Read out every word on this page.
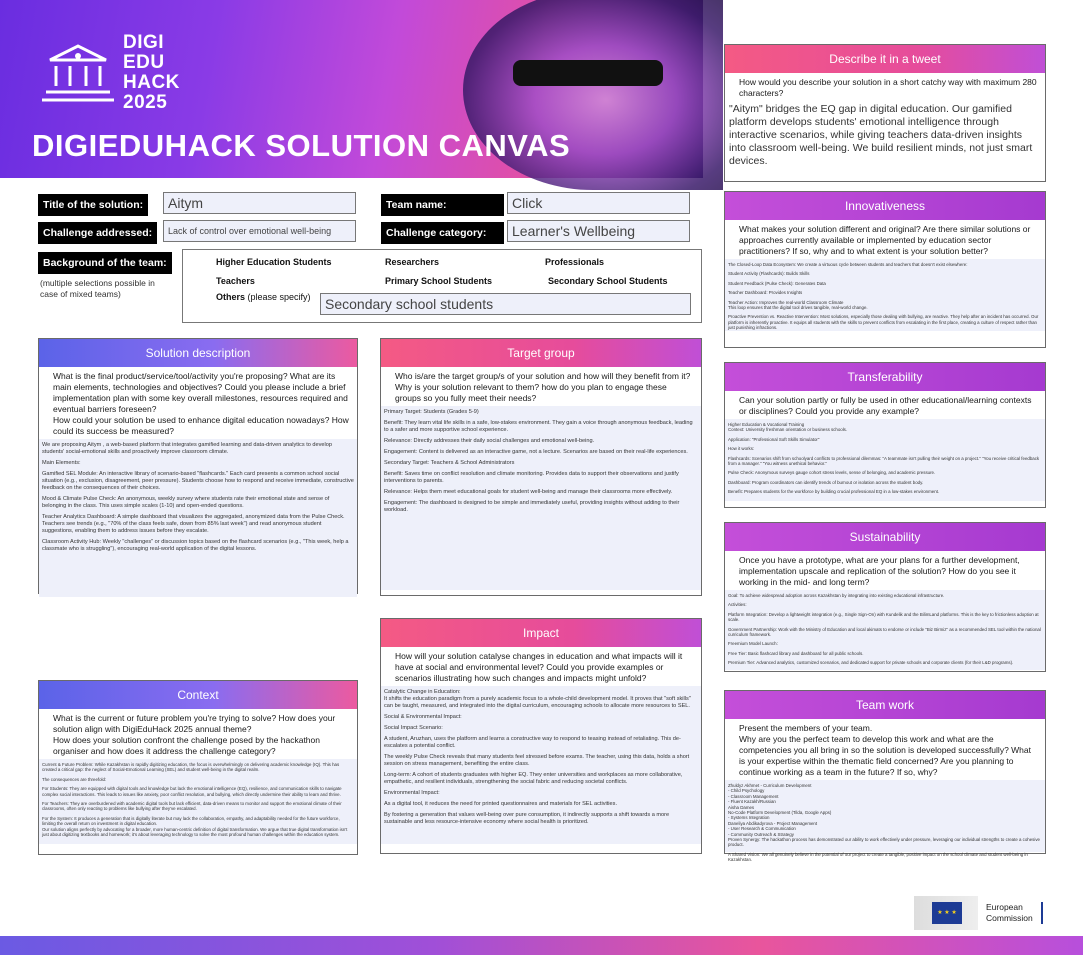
DIGI
EDU
HACK
2025
DIGIEDUHACK SOLUTION CANVAS
Title of the solution:	Aitym	Team name:	Click
Challenge addressed:	Lack of control over emotional well-being	Challenge category:	Learner's Wellbeing
Background of the team:
(multiple selections possible in case of mixed teams)
Higher Education Students	Researchers	Professionals
Teachers	Primary School Students	Secondary School Students
Others (please specify)	Secondary school students
Solution description
What is the final product/service/tool/activity you're proposing? What are its main elements, technologies and objectives? Could you please include a brief implementation plan with some key overall milestones, resources required and eventual barriers foreseen?
How could your solution be used to enhance digital education nowadays? How could its success be measured?

We are proposing Aitym , a web-based platform that integrates gamified learning and data-driven analytics to develop students' social-emotional skills and proactively improve classroom climate.

Main Elements:

Gamified SEL Module: An interactive library of scenario-based "flashcards." Each card presents a common school social situation (e.g., exclusion, disagreement, peer pressure). Students choose how to respond and receive immediate, constructive feedback on the consequences of their choices.

Mood & Climate Pulse Check: An anonymous, weekly survey where students rate their emotional state and sense of belonging in the class. This uses simple scales (1-10) and open-ended questions.

Teacher Analytics Dashboard: A simple dashboard that visualizes the aggregated, anonymized data from the Pulse Check. Teachers see trends (e.g., "70% of the class feels safe, down from 85% last week") and read anonymous student suggestions, enabling them to address issues before they escalate.

Classroom Activity Hub: Weekly "challenges" or discussion topics based on the flashcard scenarios (e.g., "This week, help a classmate who is struggling"), encouraging real-world application of the digital lessons.

Context
What is the current or future problem you're trying to solve? How does your solution align with DigiEduHack 2025 annual theme?
How does your solution confront the challenge posed by the hackathon organiser and how does it address the challenge category?

Current & Future Problem: While Kazakhstan is rapidly digitizing education, the focus is overwhelmingly on delivering academic knowledge (IQ). This has created a critical gap: the neglect of Social-Emotional Learning (SEL) and student well-being in the digital realm.

The consequences are threefold:

For Students: They are equipped with digital tools and knowledge but lack the emotional intelligence (EQ), resilience, and communication skills to navigate complex social interactions. This leads to issues like anxiety, poor conflict resolution, and bullying, which directly undermine their ability to learn and thrive.

For Teachers: They are overburdened with academic digital tools but lack efficient, data-driven means to monitor and support the emotional climate of their classrooms, often only reacting to problems like bullying after they've escalated.

For the System: It produces a generation that is digitally literate but may lack the collaboration, empathy, and adaptability needed for the future workforce, limiting the overall return on investment in digital education.
Our solution aligns perfectly by advocating for a broader, more human-centric definition of digital transformation. We argue that true digital transformation isn't just about digitizing textbooks and homework; it's about leveraging technology to solve the most profound human challenges within the education system.

Target group
Who is/are the target group/s of your solution and how will they benefit from it? Why is your solution relevant to them? how do you plan to engage these groups so you fully meet their needs?

Primary Target: Students (Grades 5-9)

Benefit: They learn vital life skills in a safe, low-stakes environment. They gain a voice through anonymous feedback, leading to a safer and more supportive school experience.

Relevance: Directly addresses their daily social challenges and emotional well-being.

Engagement: Content is delivered as an interactive game, not a lecture. Scenarios are based on their real-life experiences.

Secondary Target: Teachers & School Administrators

Benefit: Saves time on conflict resolution and climate monitoring. Provides data to support their observations and justify interventions to parents.

Relevance: Helps them meet educational goals for student well-being and manage their classrooms more effectively.

Engagement: The dashboard is designed to be simple and immediately useful, providing insights without adding to their workload.

Impact
How will your solution catalyse changes in education and what impacts will it have at social and environmental level? Could you provide examples or scenarios illustrating how such changes and impacts might unfold?

Catalytic Change in Education:
It shifts the education paradigm from a purely academic focus to a whole-child development model. It proves that "soft skills" can be taught, measured, and integrated into the digital curriculum, encouraging schools to allocate more resources to SEL.

Social & Environmental Impact:

Social Impact Scenario:

A student, Aruzhan, uses the platform and learns a constructive way to respond to teasing instead of retaliating. This de-escalates a potential conflict.

The weekly Pulse Check reveals that many students feel stressed before exams. The teacher, using this data, holds a short session on stress management, benefiting the entire class.

Long-term: A cohort of students graduates with higher EQ. They enter universities and workplaces as more collaborative, empathetic, and resilient individuals, strengthening the social fabric and reducing societal conflicts.

Environmental Impact:

As a digital tool, it reduces the need for printed questionnaires and materials for SEL activities.

By fostering a generation that values well-being over pure consumption, it indirectly supports a shift towards a more sustainable and less resource-intensive economy where social health is prioritized.

Describe it in a tweet
How would you describe your solution in a short catchy way with maximum 280 characters?
"Aitym" bridges the EQ gap in digital education. Our gamified platform develops students' emotional intelligence through interactive scenarios, while giving teachers data-driven insights into classroom well-being. We build resilient minds, not just smart devices.
Innovativeness
What makes your solution different and original? Are there similar solutions or approaches currently available or implemented by education sector practitioners? If so, why and to what extent is your solution better?

The Closed-Loop Data Ecosystem: We create a virtuous cycle between students and teachers that doesn't exist elsewhere:

Student Activity (Flashcards): Builds Skills

Student Feedback (Pulse Check): Generates Data

Teacher Dashboard: Provides Insights

Teacher Action: Improves the real-world Classroom Climate
This loop ensures that the digital tool drives tangible, real-world change.

Proactive Prevention vs. Reactive Intervention: Most solutions, especially those dealing with bullying, are reactive. They help after an incident has occurred. Our platform is inherently proactive. It equips all students with the skills to prevent conflicts from escalating in the first place, creating a culture of respect rather than just punishing infractions.

Transferability
Can your solution partly or fully be used in other educational/learning contexts or disciplines? Could you provide any example?

Higher Education & Vocational Training
Context: University freshman orientation or business schools.

Application: "Professional Soft Skills Simulator"

How it works:

Flashcards: Scenarios shift from schoolyard conflicts to professional dilemmas: "A teammate isn't pulling their weight on a project." "You receive critical feedback from a manager." "You witness unethical behavior."

Pulse Check: Anonymous surveys gauge cohort stress levels, sense of belonging, and academic pressure.

Dashboard: Program coordinators can identify trends of burnout or isolation across the student body.

Benefit: Prepares students for the workforce by building crucial professional EQ in a low-stakes environment.

Sustainability
Once you have a prototype, what are your plans for a further development, implementation upscale and replication of the solution? How do you see it working in the mid- and long term?

Goal: To achieve widespread adoption across Kazakhstan by integrating into existing educational infrastructure.

Activities:

Platform Integration: Develop a lightweight integration (e.g., Single Sign-On) with Kundelik and the BilimLand platforms. This is the key to frictionless adoption at scale.

Government Partnership: Work with the Ministry of Education and local akimats to endorse or include "Biz Birmiz" as a recommended SEL tool within the national curriculum framework.

Freemium Model Launch:

Free Tier: Basic flashcard library and dashboard for all public schools.

Premium Tier: Advanced analytics, customized scenarios, and dedicated support for private schools and corporate clients (for their L&D programs).

Team work
Present the members of your team.
Why are you the perfect team to develop this work and what are the competencies you all bring in so the solution is developed successfully? What is your expertise within the thematic field concerned? Are you planning to continue working as a team in the future? If so, why?

Zhuldyz Akhmet - Curriculum Development
- Child Psychology
- Classroom Management
- Fluent Kazakh/Russian
Aisha Dames
No-Code Platform Development (Tilda, Google Apps)
- Systems Integration
Daneliya Abdikadyrova - Project Management
- User Research & Communication
- Community Outreach & Strategy
Proven Synergy: The hackathon process has demonstrated our ability to work effectively under pressure, leveraging our individual strengths to create a cohesive product.

A Shared Vision: We all genuinely believe in the potential of our project to create a tangible, positive impact on the school climate and student well-being in Kazakhstan.

★ ★ ★
European
Commission
